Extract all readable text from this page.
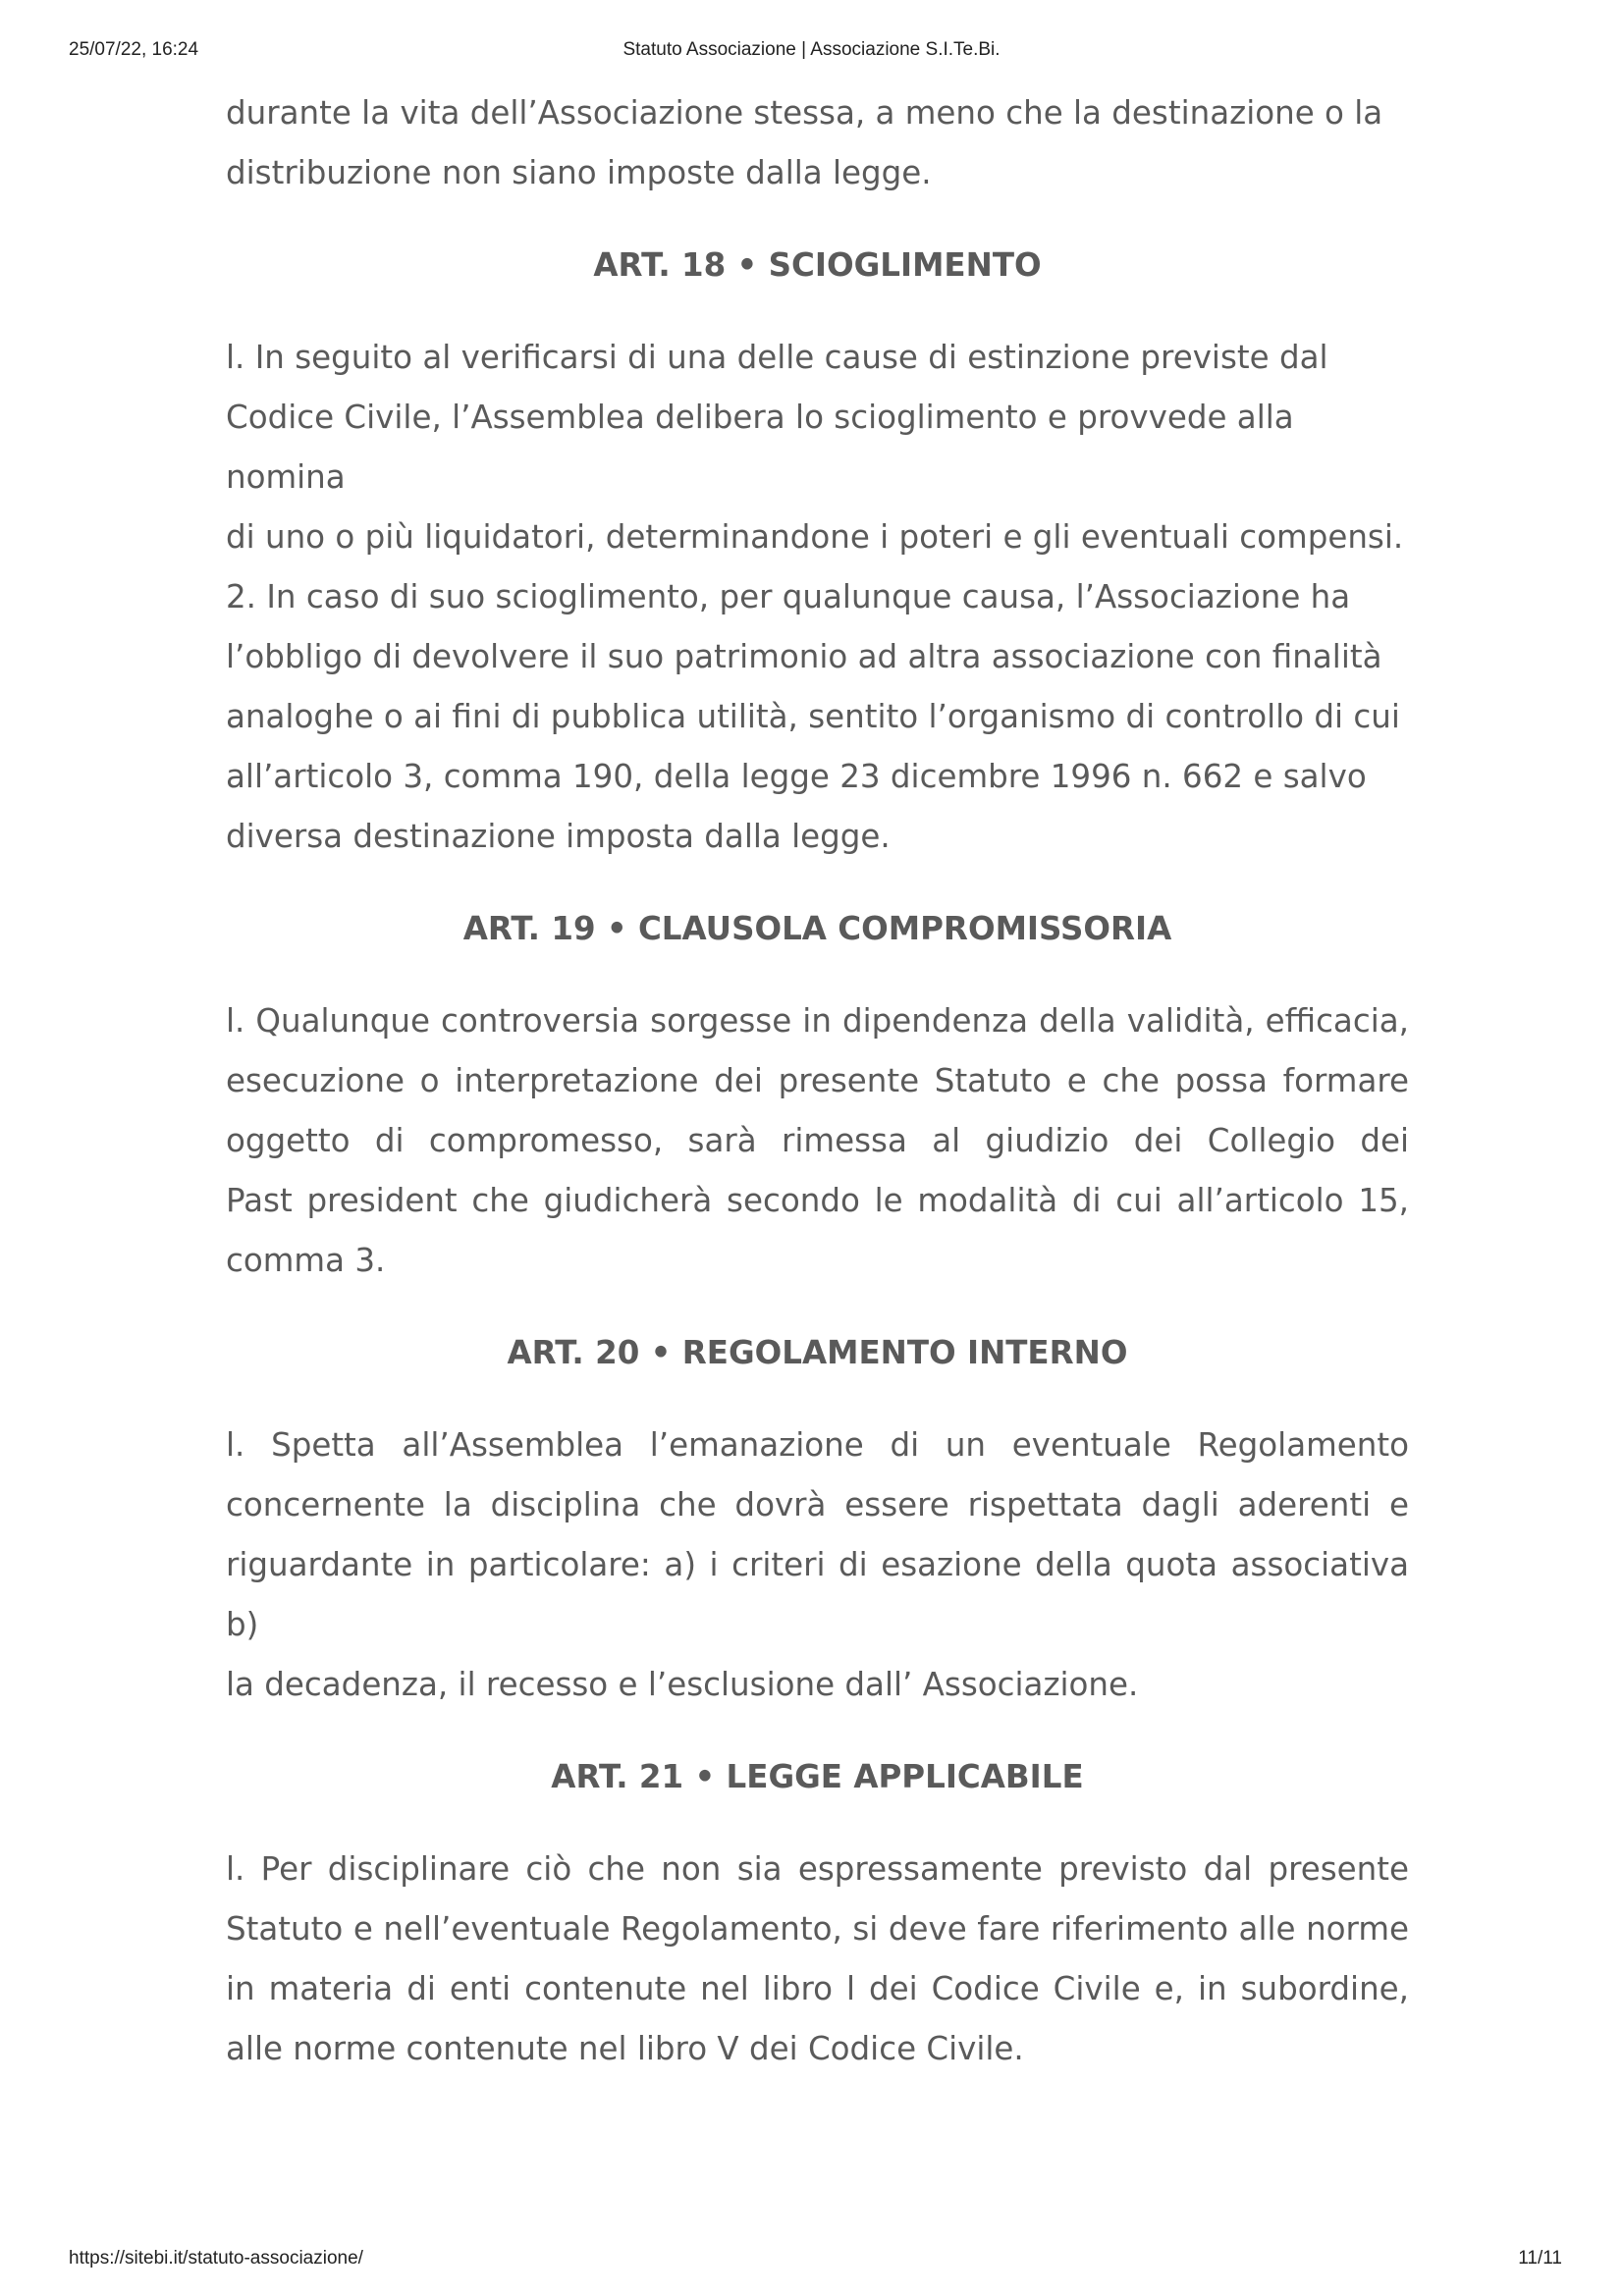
Statuto Associazione | Associazione S.I.Te.Bi.
25/07/22, 16:24

durante la vita dell’Associazione stessa, a meno che la destinazione o la
distribuzione non siano imposte dalla legge.

ART. 18 • SCIOGLIMENTO

l. In seguito al verificarsi di una delle cause di estinzione previste dal
Codice Civile, l’Assemblea delibera lo scioglimento e provvede alla nomina
di uno o più liquidatori, determinandone i poteri e gli eventuali compensi.
2. In caso di suo scioglimento, per qualunque causa, l’Associazione ha
l’obbligo di devolvere il suo patrimonio ad altra associazione con finalità
analoghe o ai fini di pubblica utilità, sentito l’organismo di controllo di cui
all’articolo 3, comma 190, della legge 23 dicembre 1996 n. 662 e salvo
diversa destinazione imposta dalla legge.

ART. 19 • CLAUSOLA COMPROMISSORIA

l. Qualunque controversia sorgesse in dipendenza della validità, efficacia,
esecuzione o interpretazione dei presente Statuto e che possa formare
oggetto di compromesso, sarà rimessa al giudizio dei Collegio dei
Past president che giudicherà secondo le modalità di cui all’articolo 15,
comma 3.

ART. 20 • REGOLAMENTO INTERNO

l. Spetta all’Assemblea l’emanazione di un eventuale Regolamento
concernente la disciplina che dovrà essere rispettata dagli aderenti e
riguardante in particolare: a) i criteri di esazione della quota associativa b)
la decadenza, il recesso e l’esclusione dall’ Associazione.

ART. 21 • LEGGE APPLICABILE

l. Per disciplinare ciò che non sia espressamente previsto dal presente
Statuto e nell’eventuale Regolamento, si deve fare riferimento alle norme
in materia di enti contenute nel libro l dei Codice Civile e, in subordine,
alle norme contenute nel libro V dei Codice Civile.

https://sitebi.it/statuto-associazione/	11/11
